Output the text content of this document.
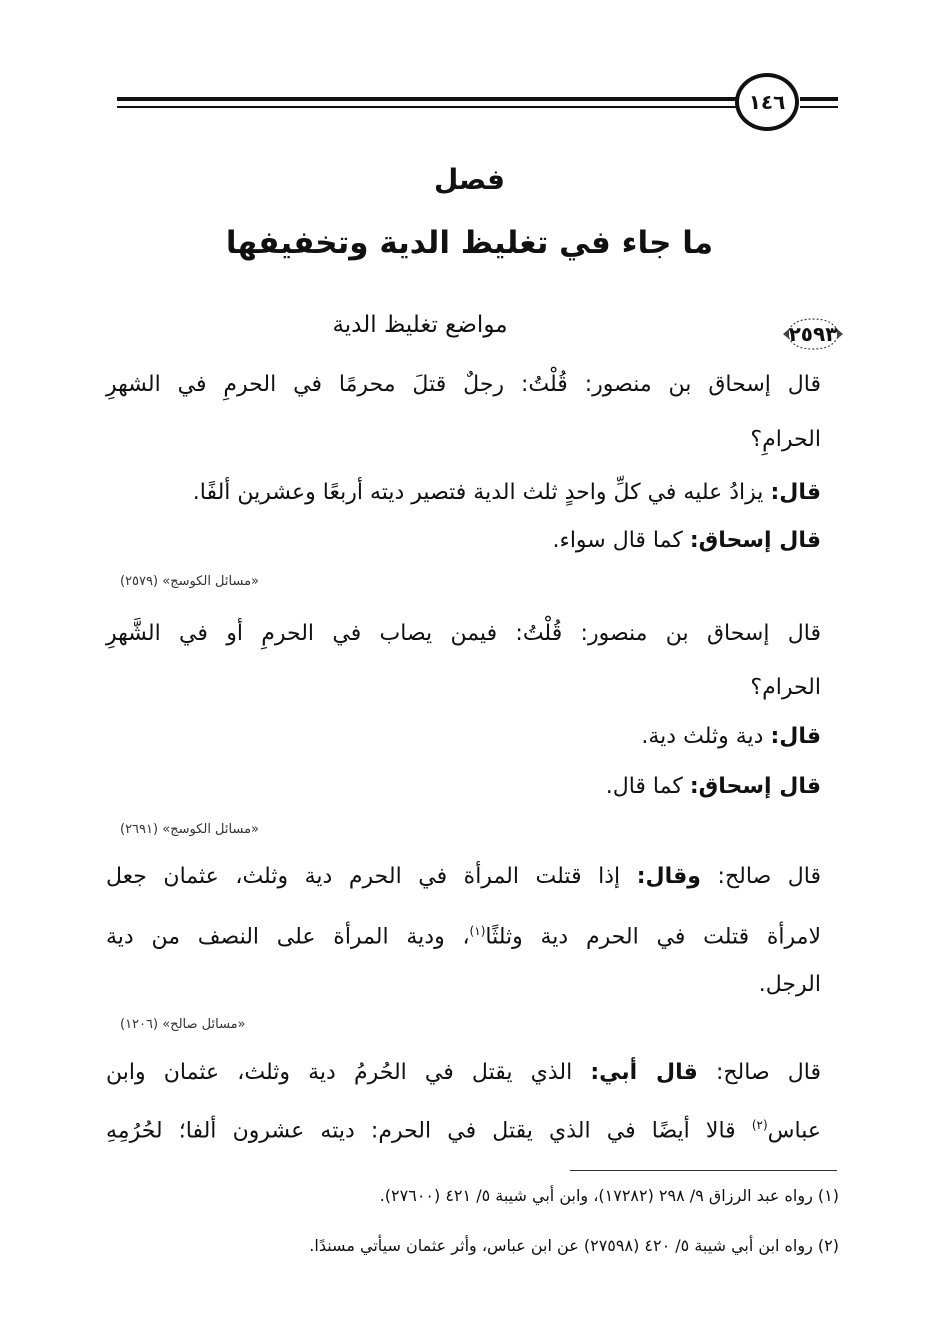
١٤٦
فصل
ما جاء في تغليظ الدية وتخفيفها
٢٥٩٣
مواضع تغليظ الدية
قال إسحاق بن منصور: قُلْتُ: رجلٌ قتلَ محرمًا في الحرمِ في الشهرِ
الحرامِ؟
قال: يزادُ عليه في كلِّ واحدٍ ثلث الدية فتصير ديته أربعًا وعشرين ألفًا.
قال إسحاق: كما قال سواء.
«مسائل الكوسج» (٢٥٧٩)
قال إسحاق بن منصور: قُلْتُ: فيمن يصاب في الحرمِ أو في الشَّهرِ
الحرام؟
قال: دية وثلث دية.
قال إسحاق: كما قال.
«مسائل الكوسج» (٢٦٩١)
قال صالح: وقال: إذا قتلت المرأة في الحرم دية وثلث، عثمان جعل
لامرأة قتلت في الحرم دية وثلثًا$^{(١)}$، ودية المرأة على النصف من دية
الرجل.
«مسائل صالح» (١٢٠٦)
قال صالح: قال أبي: الذي يقتل في الحُرمُ دية وثلث، عثمان وابن
عباس$^{(٢)}$ قالا أيضًا في الذي يقتل في الحرم: ديته عشرون ألفا؛ لحُرُمِهِ
(١) رواه عبد الرزاق ٩/ ٢٩٨ (١٧٢٨٢)، وابن أبي شيبة ٥/ ٤٢١ (٢٧٦٠٠).
(٢) رواه ابن أبي شيبة ٥/ ٤٢٠ (٢٧٥٩٨) عن ابن عباس، وأثر عثمان سيأتي مسندًا.
